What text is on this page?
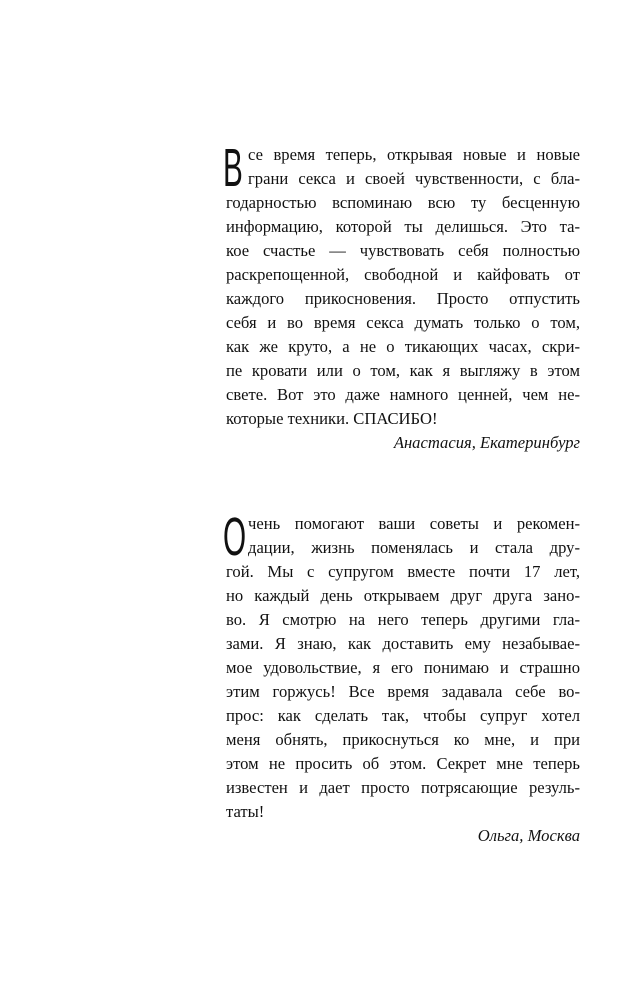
В се время теперь, открывая новые и новые
грани секса и своей чувственности, с бла-
годарностью вспоминаю всю ту бесценную
информацию, которой ты делишься. Это та-
кое счастье — чувствовать себя полностью
раскрепощенной, свободной и кайфовать от
каждого прикосновения. Просто отпустить
себя и во время секса думать только о том,
как же круто, а не о тикающих часах, скри-
пе кровати или о том, как я выгляжу в этом
свете. Вот это даже намного ценней, чем не-
которые техники. СПАСИБО!
Анастасия, Екатеринбург
О чень помогают ваши советы и рекомен-
дации, жизнь поменялась и стала дру-
гой. Мы с супругом вместе почти 17 лет,
но каждый день открываем друг друга зано-
во. Я смотрю на него теперь другими гла-
зами. Я знаю, как доставить ему незабывае-
мое удовольствие, я его понимаю и страшно
этим горжусь! Все время задавала себе во-
прос: как сделать так, чтобы супруг хотел
меня обнять, прикоснуться ко мне, и при
этом не просить об этом. Секрет мне теперь
известен и дает просто потрясающие резуль-
таты!
Ольга, Москва
